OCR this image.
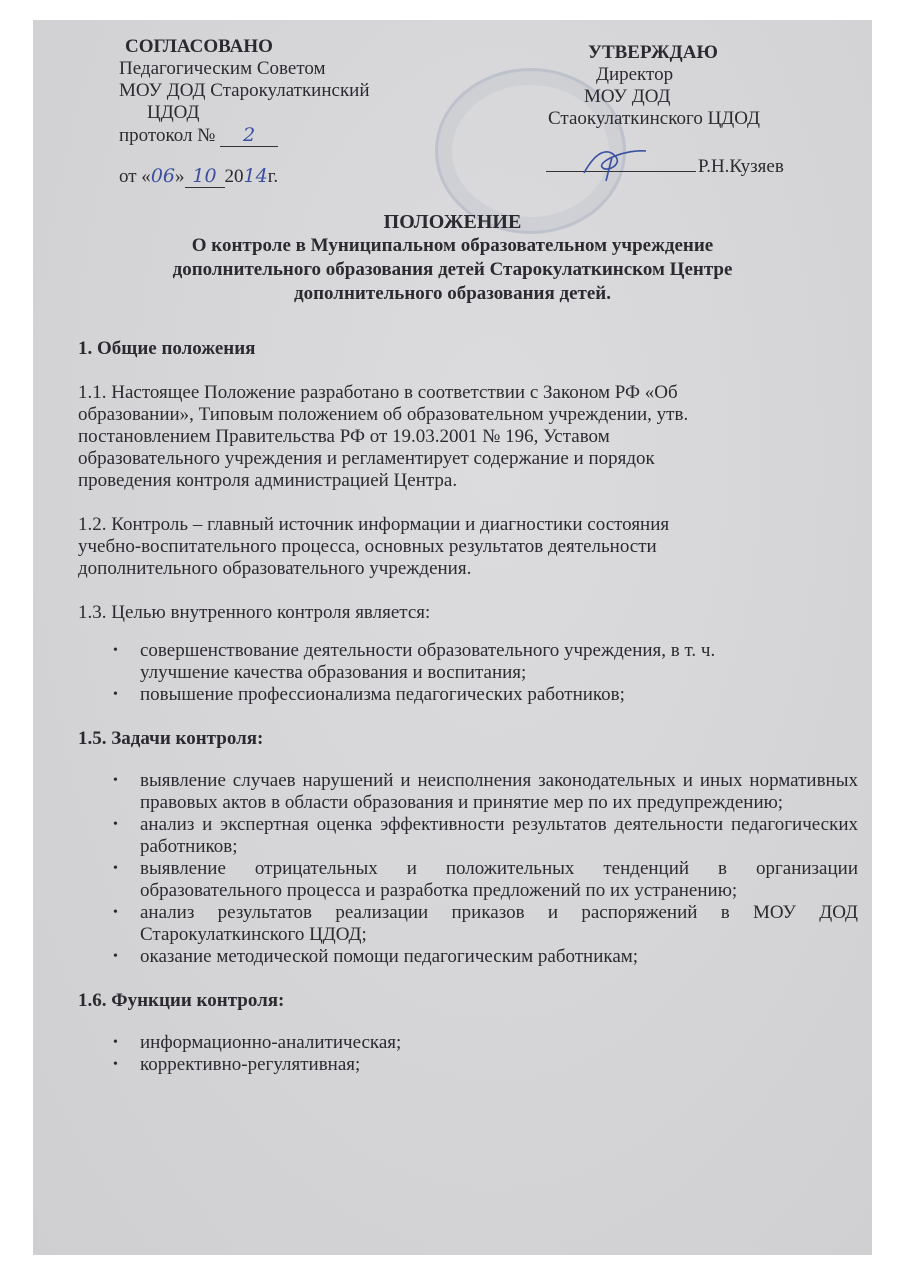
СОГЛАСОВАНО
Педагогическим Советом
МОУ ДОД Старокулаткинский
ЦДОД
протокол № 2
от «06» 10 2014г.
УТВЕРЖДАЮ
Директор
МОУ ДОД
Стаокулаткинского ЦДОД
Р.Н.Кузяев
ПОЛОЖЕНИЕ
О контроле в Муниципальном образовательном учреждение
дополнительного образования детей Старокулаткинском Центре
дополнительного образования детей.

1. Общие положения

1.1. Настоящее Положение разработано в соответствии с Законом РФ «Об

образовании», Типовым положением об образовательном учреждении, утв.

постановлением Правительства РФ от 19.03.2001 № 196, Уставом

образовательного учреждения и регламентирует содержание и порядок

проведения контроля администрацией Центра.

1.2. Контроль – главный источник информации и диагностики состояния

учебно-воспитательного процесса, основных результатов деятельности

дополнительного образовательного учреждения.

1.3. Целью внутренного контроля является:

• совершенствование деятельности образовательного учреждения, в т. ч.
улучшение качества образования и воспитания;
• повышение профессионализма педагогических работников;

1.5. Задачи контроля:

• выявление случаев нарушений и неисполнения законодательных и иных нормативных правовых актов в области образования и принятие мер по их предупреждению;
• анализ и экспертная оценка эффективности результатов деятельности педагогических работников;
• выявление отрицательных и положительных тенденций в организации образовательного процесса и разработка предложений по их устранению;
• анализ результатов реализации приказов и распоряжений в МОУ ДОД Старокулаткинского ЦДОД;
• оказание методической помощи педагогическим работникам;

1.6. Функции контроля:

• информационно-аналитическая;
• коррективно-регулятивная;
